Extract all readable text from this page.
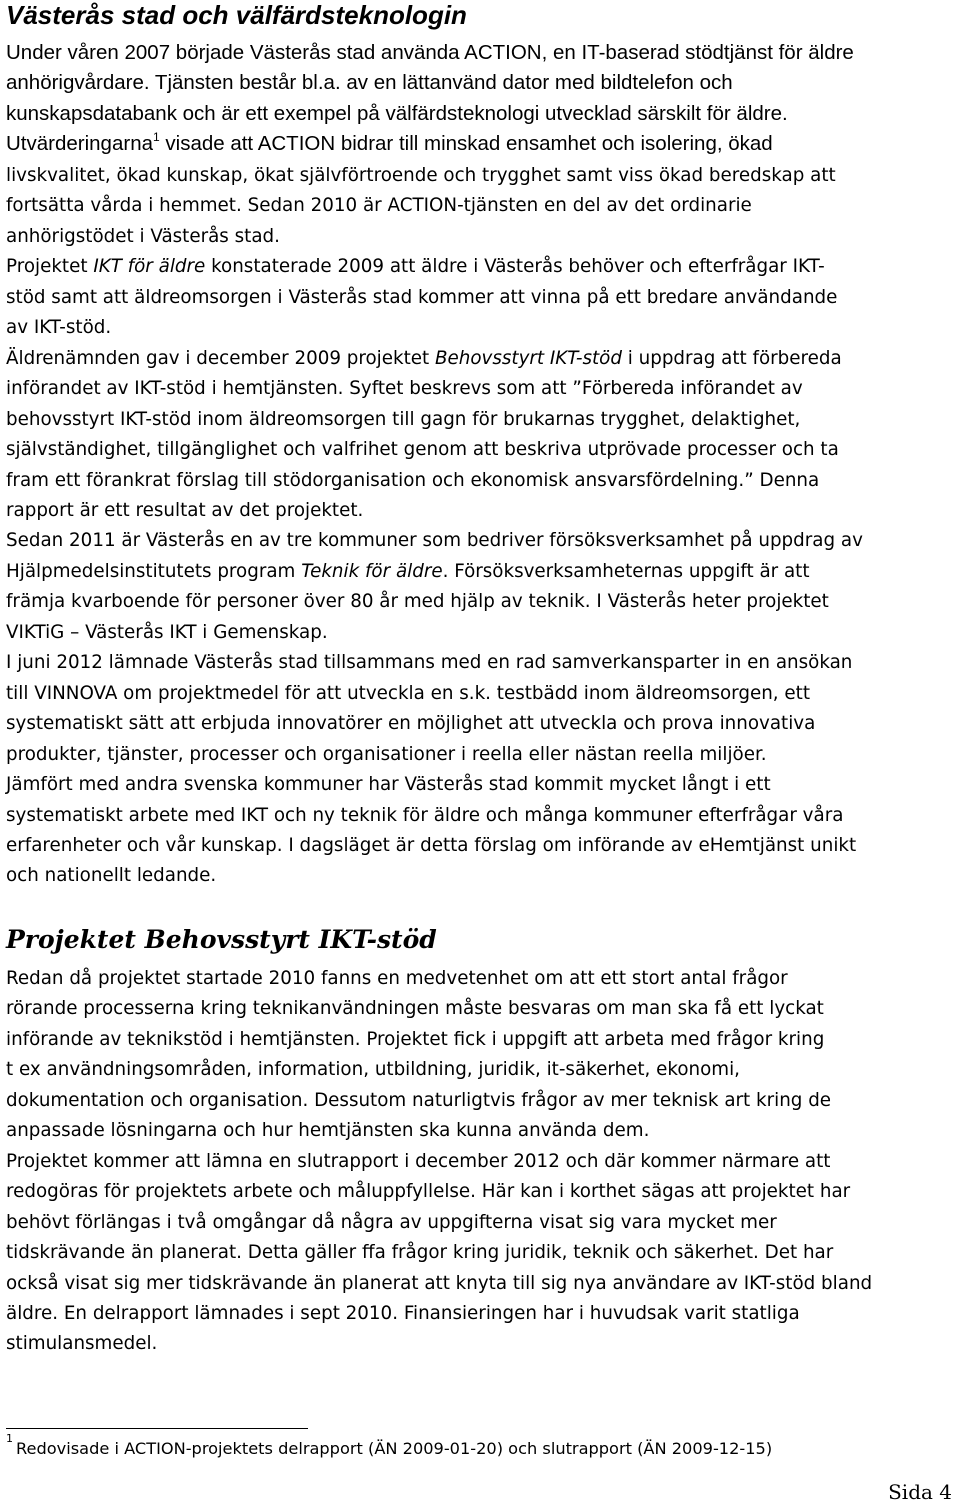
Västerås stad och välfärdsteknologin

Under våren 2007 började Västerås stad använda ACTION, en IT-baserad stödtjänst för äldre
anhörigvårdare. Tjänsten består bl.a. av en lättanvänd dator med bildtelefon och
kunskapsdatabank och är ett exempel på välfärdsteknologi utvecklad särskilt för äldre.
Utvärderingarna$^1$ visade att ACTION bidrar till minskad ensamhet och isolering, ökad

livskvalitet, ökad kunskap, ökat självförtroende och trygghet samt viss ökad beredskap att
fortsätta vårda i hemmet. Sedan 2010 är ACTION-tjänsten en del av det ordinarie
anhörigstödet i Västerås stad.
Projektet IKT för äldre konstaterade 2009 att äldre i Västerås behöver och efterfrågar IKT-
stöd samt att äldreomsorgen i Västerås stad kommer att vinna på ett bredare användande
av IKT-stöd.
Äldrenämnden gav i december 2009 projektet Behovsstyrt IKT-stöd i uppdrag att förbereda
införandet av IKT-stöd i hemtjänsten. Syftet beskrevs som att ”Förbereda införandet av
behovsstyrt IKT-stöd inom äldreomsorgen till gagn för brukarnas trygghet, delaktighet,
självständighet, tillgänglighet och valfrihet genom att beskriva utprövade processer och ta
fram ett förankrat förslag till stödorganisation och ekonomisk ansvarsfördelning.” Denna
rapport är ett resultat av det projektet.
Sedan 2011 är Västerås en av tre kommuner som bedriver försöksverksamhet på uppdrag av
Hjälpmedelsinstitutets program Teknik för äldre. Försöksverksamheternas uppgift är att
främja kvarboende för personer över 80 år med hjälp av teknik. I Västerås heter projektet
VIKTiG – Västerås IKT i Gemenskap.
I juni 2012 lämnade Västerås stad tillsammans med en rad samverkansparter in en ansökan
till VINNOVA om projektmedel för att utveckla en s.k. testbädd inom äldreomsorgen, ett
systematiskt sätt att erbjuda innovatörer en möjlighet att utveckla och prova innovativa
produkter, tjänster, processer och organisationer i reella eller nästan reella miljöer.
Jämfört med andra svenska kommuner har Västerås stad kommit mycket långt i ett
systematiskt arbete med IKT och ny teknik för äldre och många kommuner efterfrågar våra
erfarenheter och vår kunskap. I dagsläget är detta förslag om införande av eHemtjänst unikt
och nationellt ledande.

Projektet Behovsstyrt IKT-stöd

Redan då projektet startade 2010 fanns en medvetenhet om att ett stort antal frågor
rörande processerna kring teknikanvändningen måste besvaras om man ska få ett lyckat
införande av teknikstöd i hemtjänsten. Projektet fick i uppgift att arbeta med frågor kring
t ex användningsområden, information, utbildning, juridik, it-säkerhet, ekonomi,
dokumentation och organisation. Dessutom naturligtvis frågor av mer teknisk art kring de
anpassade lösningarna och hur hemtjänsten ska kunna använda dem.
Projektet kommer att lämna en slutrapport i december 2012 och där kommer närmare att
redogöras för projektets arbete och måluppfyllelse. Här kan i korthet sägas att projektet har
behövt förlängas i två omgångar då några av uppgifterna visat sig vara mycket mer
tidskrävande än planerat. Detta gäller ffa frågor kring juridik, teknik och säkerhet. Det har
också visat sig mer tidskrävande än planerat att knyta till sig nya användare av IKT-stöd bland
äldre. En delrapport lämnades i sept 2010. Finansieringen har i huvudsak varit statliga
stimulansmedel.

$^1$Redovisade i ACTION-projektets delrapport (ÄN 2009-01-20) och slutrapport (ÄN 2009-12-15)

Sida 4
